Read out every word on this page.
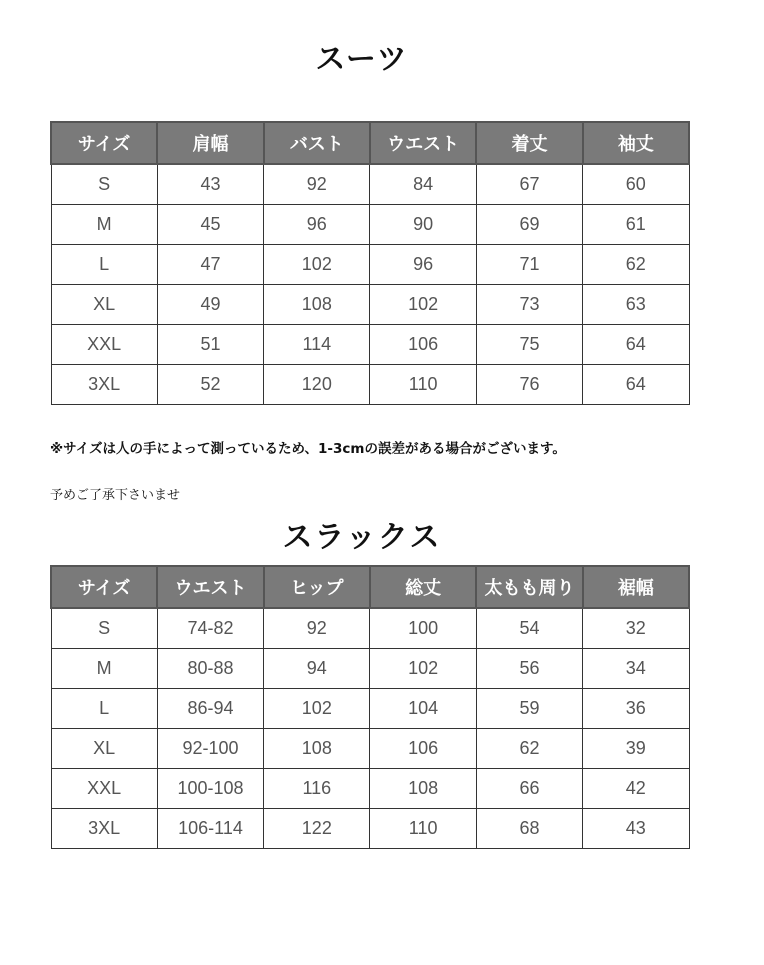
スーツ
サイズ	肩幅	バスト	ウエスト	着丈	袖丈
S	43	92	84	67	60
M	45	96	90	69	61
L	47	102	96	71	62
XL	49	108	102	73	63
XXL	51	114	106	75	64
3XL	52	120	110	76	64
※サイズは人の手によって測っているため、1-3cmの誤差がある場合がございます。
予めご了承下さいませ
スラックス
サイズ	ウエスト	ヒップ	総丈	太もも周り	裾幅
S	74-82	92	100	54	32
M	80-88	94	102	56	34
L	86-94	102	104	59	36
XL	92-100	108	106	62	39
XXL	100-108	116	108	66	42
3XL	106-114	122	110	68	43
